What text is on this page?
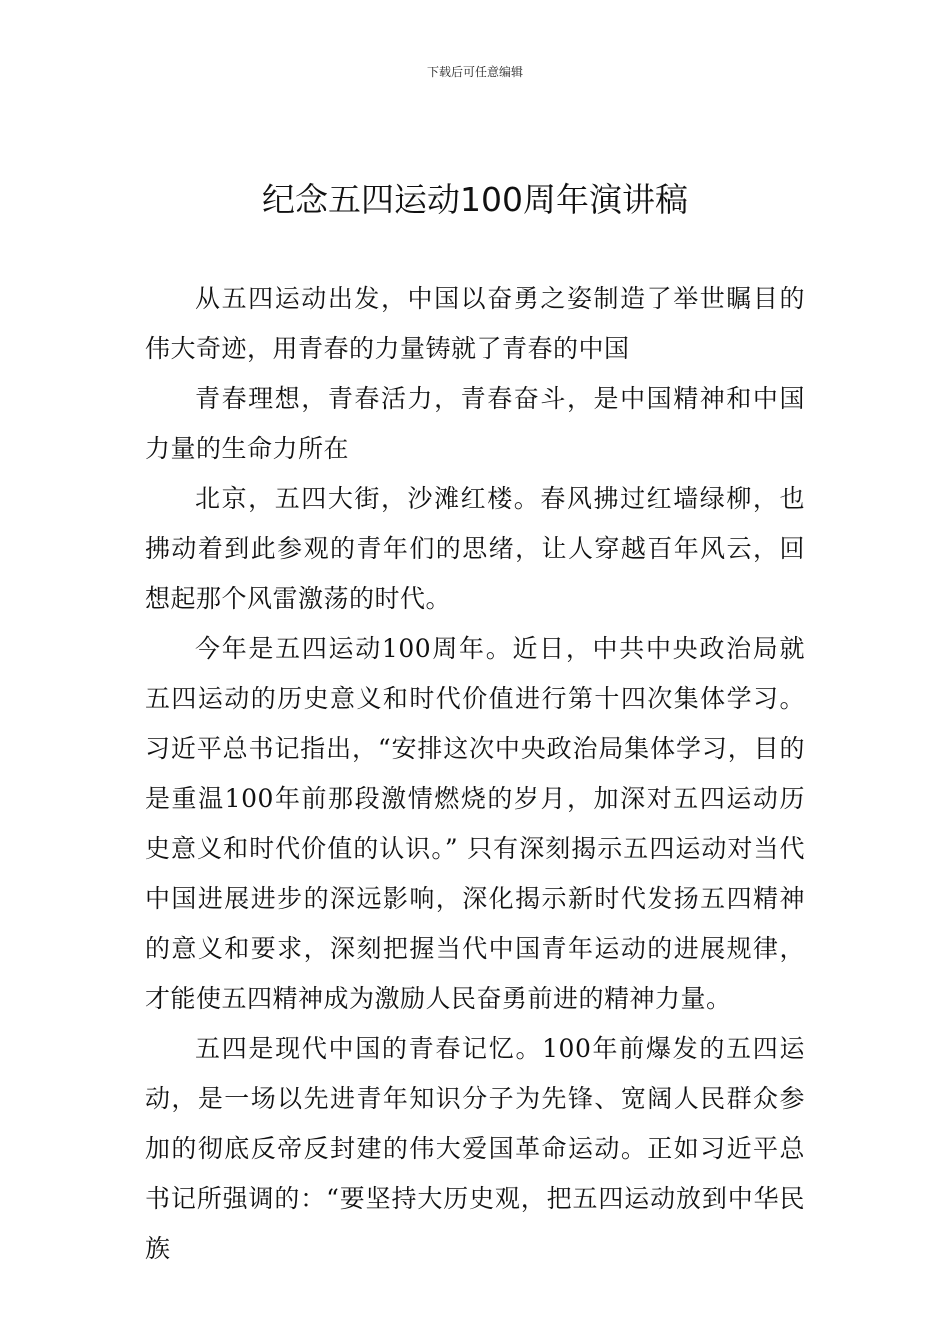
下载后可任意编辑
纪念五四运动100周年演讲稿

从五四运动出发，中国以奋勇之姿制造了举世瞩目的伟大奇迹，用青春的力量铸就了青春的中国

青春理想，青春活力，青春奋斗，是中国精神和中国力量的生命力所在

北京，五四大街，沙滩红楼。春风拂过红墙绿柳，也拂动着到此参观的青年们的思绪，让人穿越百年风云，回想起那个风雷激荡的时代。

今年是五四运动100周年。近日，中共中央政治局就五四运动的历史意义和时代价值进行第十四次集体学习。习近平总书记指出，“安排这次中央政治局集体学习，目的是重温100年前那段激情燃烧的岁月，加深对五四运动历史意义和时代价值的认识。” 只有深刻揭示五四运动对当代中国进展进步的深远影响，深化揭示新时代发扬五四精神的意义和要求，深刻把握当代中国青年运动的进展规律，才能使五四精神成为激励人民奋勇前进的精神力量。

五四是现代中国的青春记忆。100年前爆发的五四运动，是一场以先进青年知识分子为先锋、宽阔人民群众参加的彻底反帝反封建的伟大爱国革命运动。正如习近平总书记所强调的：“要坚持大历史观，把五四运动放到中华民族
